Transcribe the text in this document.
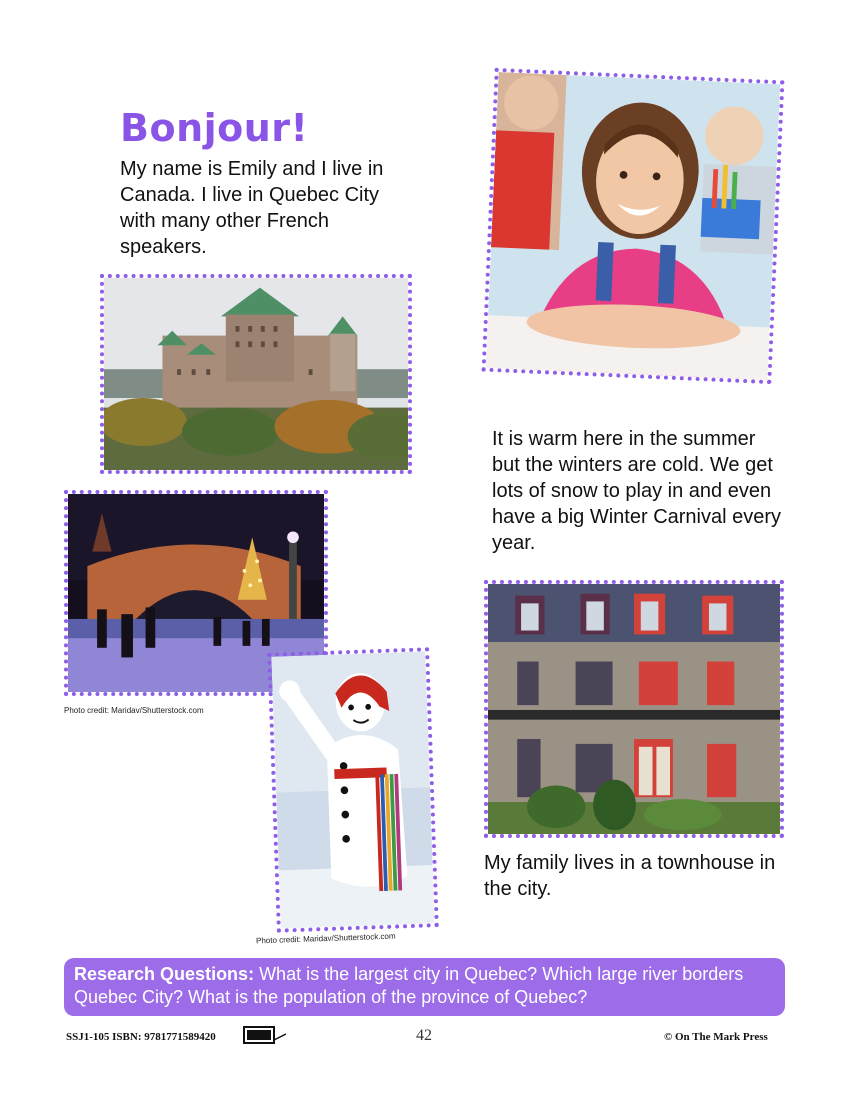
Bonjour!
My name is Emily and I live in Canada. I live in Quebec City with many other French speakers.
It is warm here in the summer but the winters are cold. We get lots of snow to play in and even have a big Winter Carnival every year.
Photo credit: Maridav/Shutterstock.com
Photo credit: Maridav/Shutterstock.com
My family lives in a townhouse in the city.
Research Questions: What is the largest city in Quebec? Which large river borders Quebec City? What is the population of the province of Quebec?
SSJ1-105 ISBN: 9781771589420	42	© On The Mark Press
